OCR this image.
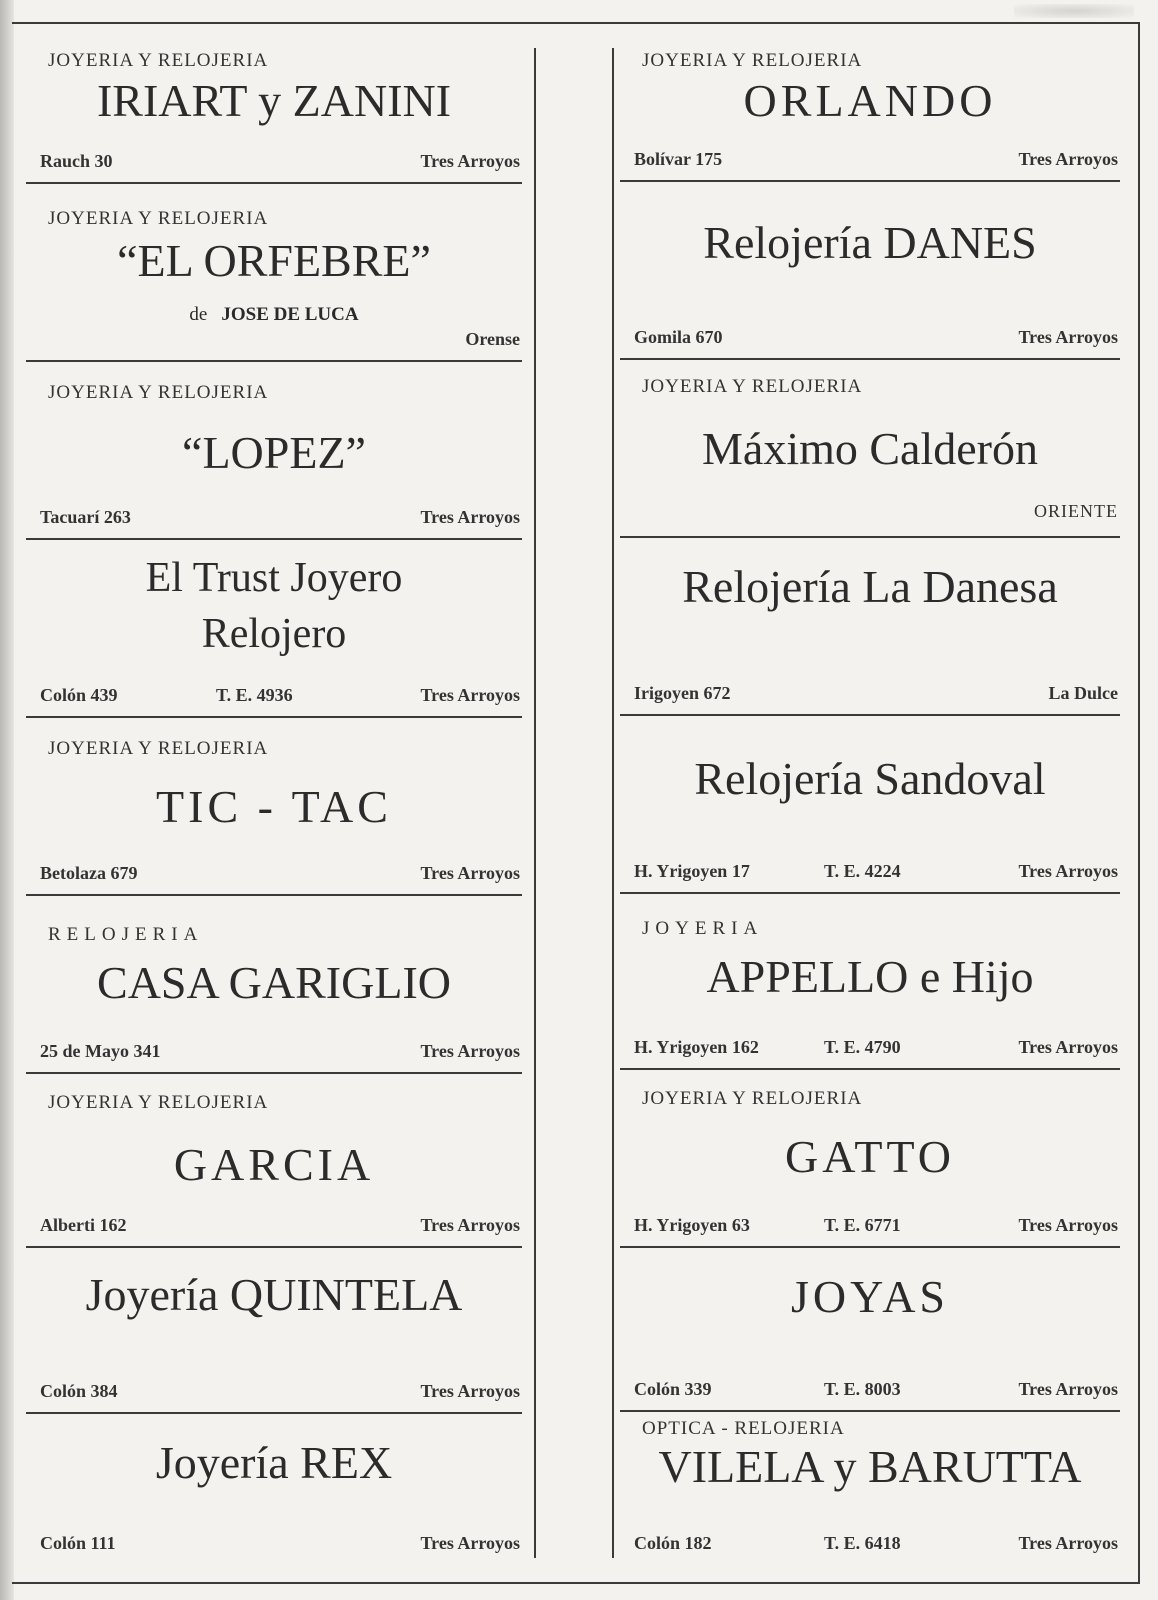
JOYERIA Y RELOJERIA
IRIART y ZANINI
Rauch 30	Tres Arroyos
JOYERIA Y RELOJERIA
“EL ORFEBRE”
de JOSE DE LUCA
Orense
JOYERIA Y RELOJERIA
“LOPEZ”
Tacuarí 263	Tres Arroyos
El Trust Joyero
Relojero
Colón 439	T. E. 4936	Tres Arroyos
JOYERIA Y RELOJERIA
TIC - TAC
Betolaza 679	Tres Arroyos
RELOJERIA
CASA GARIGLIO
25 de Mayo 341	Tres Arroyos
JOYERIA Y RELOJERIA
GARCIA
Alberti 162	Tres Arroyos
Joyería QUINTELA
Colón 384	Tres Arroyos
Joyería REX
Colón 111	Tres Arroyos
JOYERIA Y RELOJERIA
ORLANDO
Bolívar 175	Tres Arroyos
Relojería DANES
Gomila 670	Tres Arroyos
JOYERIA Y RELOJERIA
Máximo Calderón
ORIENTE
Relojería La Danesa
Irigoyen 672	La Dulce
Relojería Sandoval
H. Yrigoyen 17	T. E. 4224	Tres Arroyos
JOYERIA
APPELLO e Hijo
H. Yrigoyen 162	T. E. 4790	Tres Arroyos
JOYERIA Y RELOJERIA
GATTO
H. Yrigoyen 63	T. E. 6771	Tres Arroyos
JOYAS
Colón 339	T. E. 8003	Tres Arroyos
OPTICA - RELOJERIA
VILELA y BARUTTA
Colón 182	T. E. 6418	Tres Arroyos
